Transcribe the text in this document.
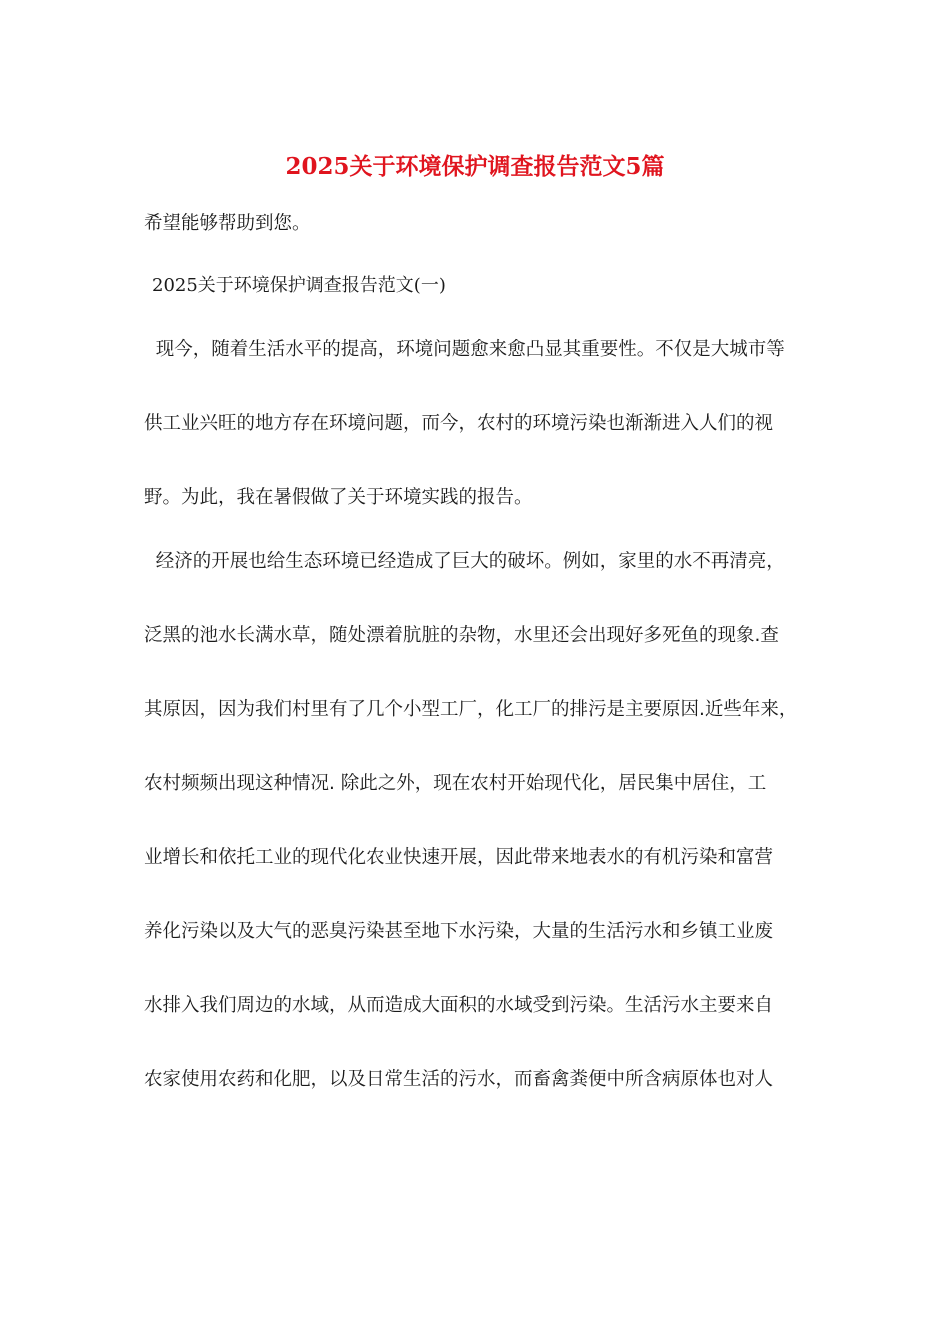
2025关于环境保护调查报告范文5篇
希望能够帮助到您。
2025关于环境保护调查报告范文(一)
现今，随着生活水平的提高，环境问题愈来愈凸显其重要性。不仅是大城市等
供工业兴旺的地方存在环境问题，而今，农村的环境污染也渐渐进入人们的视
野。为此，我在暑假做了关于环境实践的报告。
经济的开展也给生态环境已经造成了巨大的破坏。例如，家里的水不再清亮，
泛黑的池水长满水草，随处漂着肮脏的杂物，水里还会出现好多死鱼的现象.查
其原因，因为我们村里有了几个小型工厂，化工厂的排污是主要原因.近些年来，
农村频频出现这种情况. 除此之外，现在农村开始现代化，居民集中居住，工
业增长和依托工业的现代化农业快速开展，因此带来地表水的有机污染和富营
养化污染以及大气的恶臭污染甚至地下水污染，大量的生活污水和乡镇工业废
水排入我们周边的水域，从而造成大面积的水域受到污染。生活污水主要来自
农家使用农药和化肥，以及日常生活的污水，而畜禽粪便中所含病原体也对人
